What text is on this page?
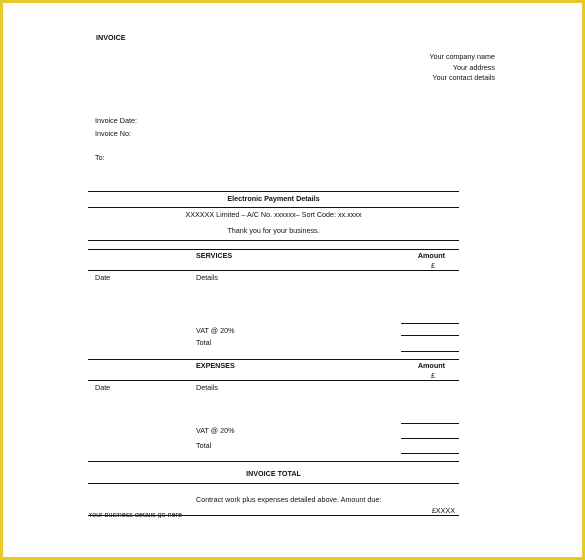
INVOICE
Your company name
Your address
Your contact details
Invoice Date:
Invoice No:
To:
Electronic Payment Details
XXXXXX Limited – A/C No. xxxxxx– Sort Code: xx.xxxx
Thank you for your business.
SERVICES	Amount
£
Date	Details
VAT @ 20%
Total
EXPENSES	Amount
£
Date	Details
VAT @ 20%
Total
INVOICE TOTAL
Contract work plus expenses detailed above. Amount due:
£XXXX
Your business details go here
